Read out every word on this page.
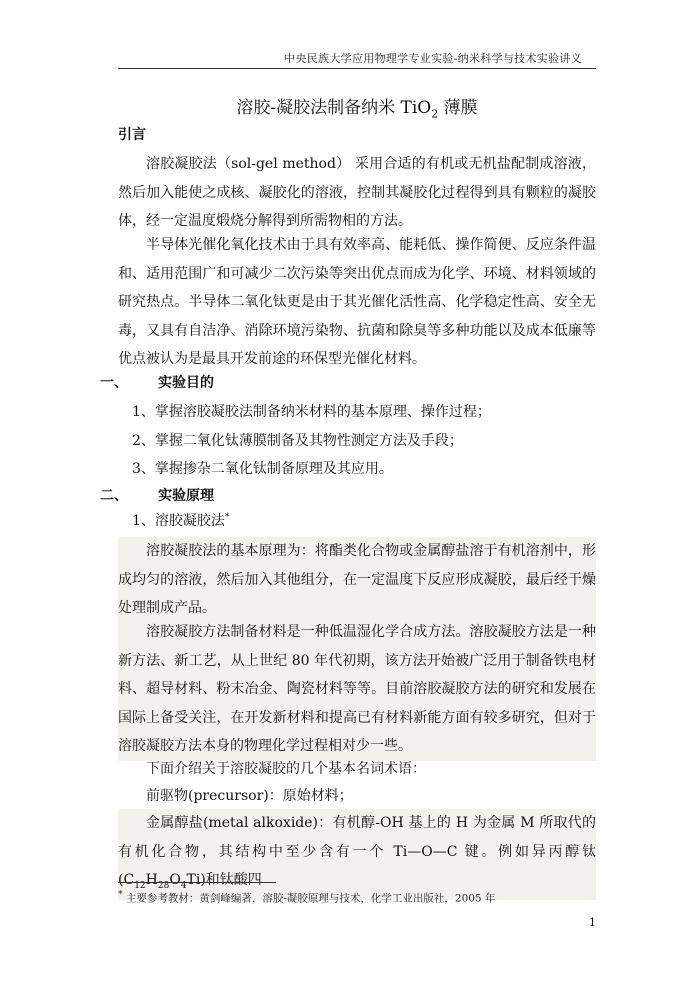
中央民族大学应用物理学专业实验-纳米科学与技术实验讲义
溶胶-凝胶法制备纳米 TiO$_2$ 薄膜
引言
溶胶凝胶法（sol-gel method） 采用合适的有机或无机盐配制成溶液，然后加入能使之成核、凝胶化的溶液，控制其凝胶化过程得到具有颗粒的凝胶体，经一定温度煅烧分解得到所需物相的方法。
半导体光催化氧化技术由于具有效率高、能耗低、操作简便、反应条件温和、适用范围广和可减少二次污染等突出优点而成为化学、环境、材料领域的研究热点。半导体二氧化钛更是由于其光催化活性高、化学稳定性高、安全无毒，又具有自洁净、消除环境污染物、抗菌和除臭等多种功能以及成本低廉等优点被认为是最具开发前途的环保型光催化材料。
一、 实验目的
1、掌握溶胶凝胶法制备纳米材料的基本原理、操作过程；
2、掌握二氧化钛薄膜制备及其物性测定方法及手段；
3、掌握掺杂二氧化钛制备原理及其应用。
二、 实验原理
1、溶胶凝胶法*
溶胶凝胶法的基本原理为：将酯类化合物或金属醇盐溶于有机溶剂中，形成均匀的溶液，然后加入其他组分，在一定温度下反应形成凝胶，最后经干燥处理制成产品。
溶胶凝胶方法制备材料是一种低温湿化学合成方法。溶胶凝胶方法是一种新方法、新工艺，从上世纪 80 年代初期，该方法开始被广泛用于制备铁电材料、超导材料、粉末冶金、陶瓷材料等等。目前溶胶凝胶方法的研究和发展在国际上备受关注，在开发新材料和提高已有材料新能方面有较多研究，但对于溶胶凝胶方法本身的物理化学过程相对少一些。
下面介绍关于溶胶凝胶的几个基本名词术语：
前驱物(precursor)：原始材料；
金属醇盐(metal alkoxide)：有机醇-OH 基上的 H 为金属 M 所取代的有机化合物，其结构中至少含有一个 Ti—O—C 键。例如异丙醇钛$(C_{12}H_{28}O_4Ti)$和钛酸四
* 主要参考教材：黄剑峰编著，溶胶-凝胶原理与技术，化学工业出版社，2005 年
1
